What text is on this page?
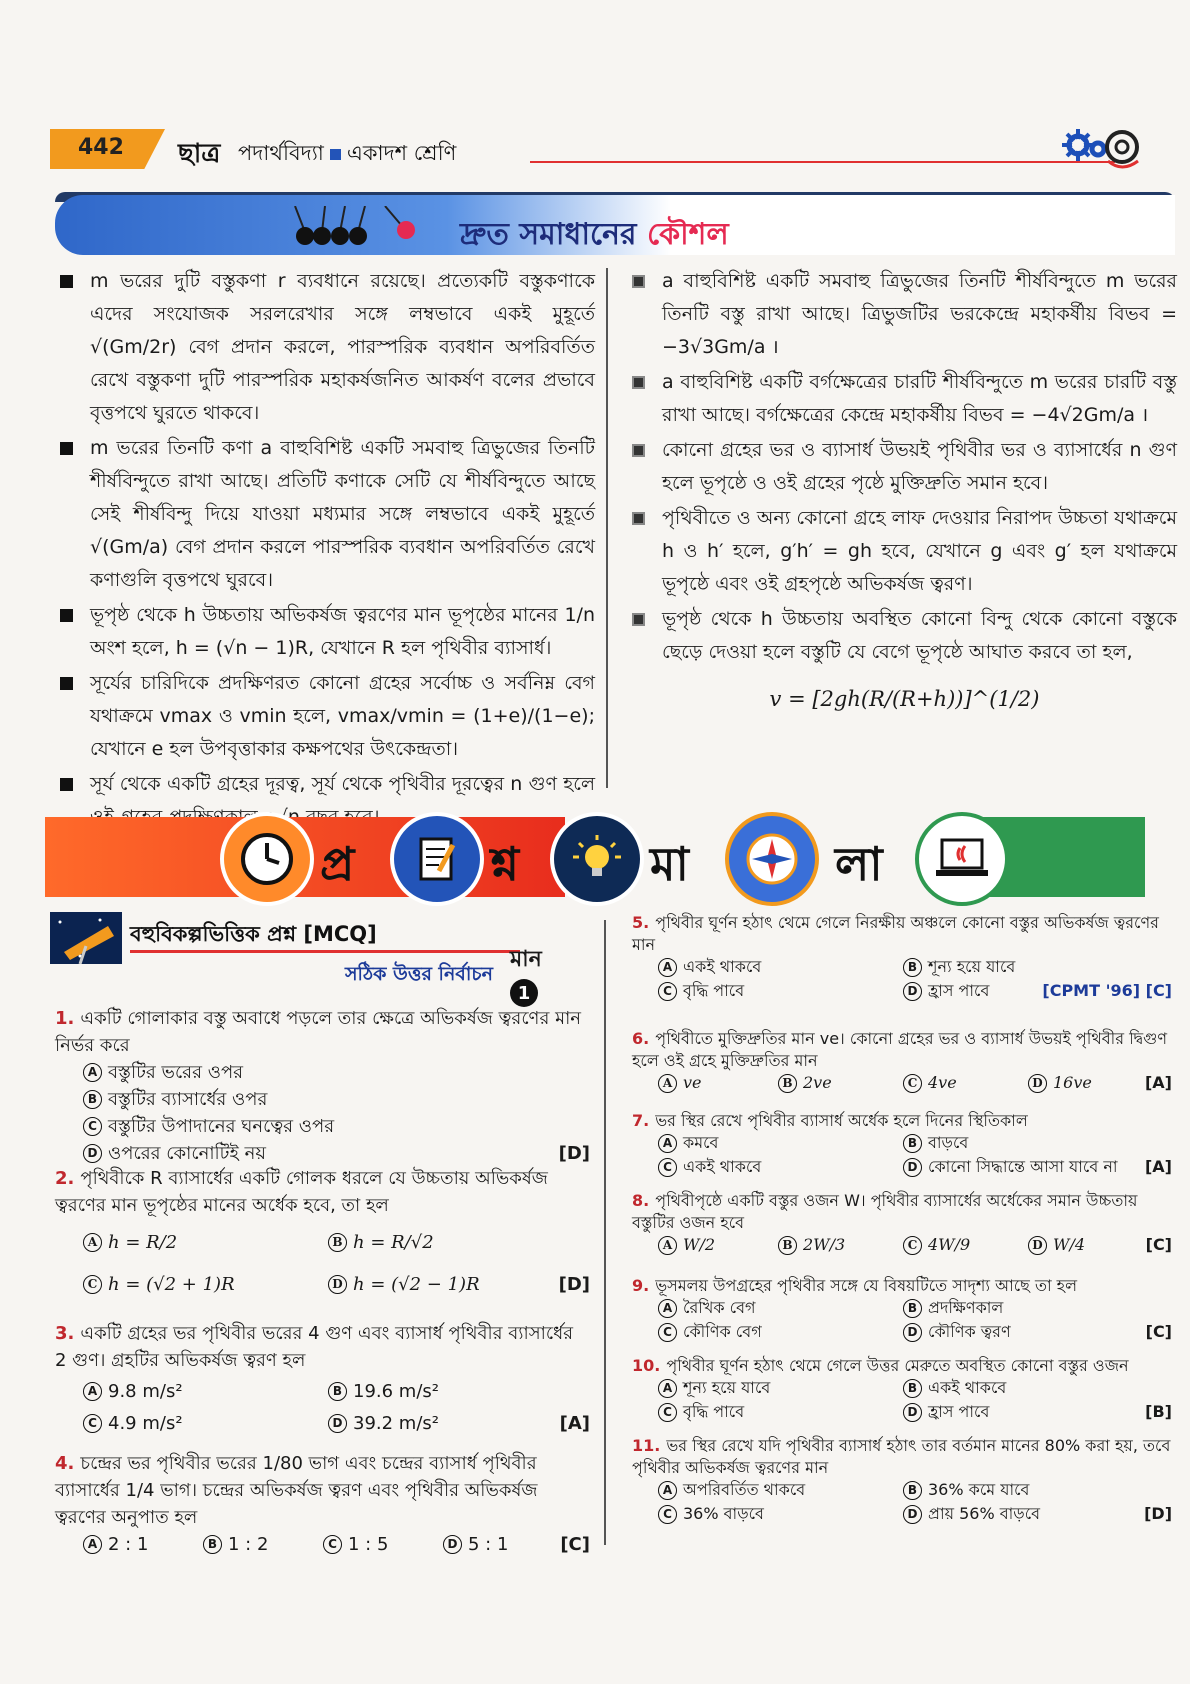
442 ছাত্র পদার্থবিদ্যা একাদশ শ্রেণি
দ্রুত সমাধানের কৌশল
m ভরের দুটি বস্তুকণা r ব্যবধানে রয়েছে। প্রত্যেকটি বস্তুকণাকে এদের সংযোজক সরলরেখার সঙ্গে লম্বভাবে একই মুহূর্তে √(Gm/2r) বেগ প্রদান করলে, পারস্পরিক ব্যবধান অপরিবর্তিত রেখে বস্তুকণা দুটি পারস্পরিক মহাকর্ষজনিত আকর্ষণ বলের প্রভাবে বৃত্তপথে ঘুরতে থাকবে।
m ভরের তিনটি কণা a বাহুবিশিষ্ট একটি সমবাহু ত্রিভুজের তিনটি শীর্ষবিন্দুতে রাখা আছে। প্রতিটি কণাকে সেটি যে শীর্ষবিন্দুতে আছে সেই শীর্ষবিন্দু দিয়ে যাওয়া মধ্যমার সঙ্গে লম্বভাবে একই মুহূর্তে √(Gm/a) বেগ প্রদান করলে পারস্পরিক ব্যবধান অপরিবর্তিত রেখে কণাগুলি বৃত্তপথে ঘুরবে।
ভূপৃষ্ঠ থেকে h উচ্চতায় অভিকর্ষজ ত্বরণের মান ভূপৃষ্ঠের মানের 1/n অংশ হলে, h = (√n − 1)R, যেখানে R হল পৃথিবীর ব্যাসার্ধ।
সূর্যের চারিদিকে প্রদক্ষিণরত কোনো গ্রহের সর্বোচ্চ ও সর্বনিম্ন বেগ যথাক্রমে vmax ও vmin হলে, vmax/vmin = (1+e)/(1−e); যেখানে e হল উপবৃত্তাকার কক্ষপথের উৎকেন্দ্রতা।
সূর্য থেকে একটি গ্রহের দূরত্ব, সূর্য থেকে পৃথিবীর দূরত্বের n গুণ হলে
a বাহুবিশিষ্ট একটি সমবাহু ত্রিভুজের তিনটি শীর্ষবিন্দুতে m ভরের তিনটি বস্তু রাখা আছে। ত্রিভুজটির ভরকেন্দ্রে মহাকর্ষীয় বিভব = −3√3Gm/a ।
a বাহুবিশিষ্ট একটি বর্গক্ষেত্রের চারটি শীর্ষবিন্দুতে m ভরের চারটি বস্তু রাখা আছে। বর্গক্ষেত্রের কেন্দ্রে মহাকর্ষীয় বিভব = −4√2Gm/a ।
কোনো গ্রহের ভর ও ব্যাসার্ধ উভয়ই পৃথিবীর ভর ও ব্যাসার্ধের n গুণ হলে ভূপৃষ্ঠে ও ওই গ্রহের পৃষ্ঠে মুক্তিদ্রুতি সমান হবে।
পৃথিবীতে ও অন্য কোনো গ্রহে লাফ দেওয়ার নিরাপদ উচ্চতা যথাক্রমে h ও h′ হলে, g′h′ = gh হবে, যেখানে g এবং g′ হল যথাক্রমে ভূপৃষ্ঠে এবং ওই গ্রহপৃষ্ঠে অভিকর্ষজ ত্বরণ।
ভূপৃষ্ঠ থেকে h উচ্চতায় অবস্থিত কোনো বিন্দু থেকে কোনো বস্তুকে ছেড়ে দেওয়া হলে বস্তুটি যে বেগে ভূপৃষ্ঠে আঘাত করবে তা হল,
v = [2gh(R/(R+h))]^(1/2)
প্র	শ্ন	মা	লা
বহুবিকল্পভিত্তিক প্রশ্ন [MCQ]
মান 1
সঠিক উত্তর নির্বাচন
1. একটি গোলাকার বস্তু অবাধে পড়লে তার ক্ষেত্রে অভিকর্ষজ ত্বরণের মান নির্ভর করে
A বস্তুটির ভরের ওপর
B বস্তুটির ব্যাসার্ধের ওপর
C বস্তুটির উপাদানের ঘনত্বের ওপর
D ওপরের কোনোটিই নয়	[D]
2. পৃথিবীকে R ব্যাসার্ধের একটি গোলক ধরলে যে উচ্চতায় অভিকর্ষজ ত্বরণের মান ভূপৃষ্ঠের মানের অর্ধেক হবে, তা হল
A h = R/2	B h = R/√2
C h = (√2 + 1)R	D h = (√2 − 1)R	[D]
3. একটি গ্রহের ভর পৃথিবীর ভরের 4 গুণ এবং ব্যাসার্ধ পৃথিবীর ব্যাসার্ধের 2 গুণ। গ্রহটির অভিকর্ষজ ত্বরণ হল
A 9.8 m/s²	B 19.6 m/s²
C 4.9 m/s²	D 39.2 m/s²	[A]
4. চন্দ্রের ভর পৃথিবীর ভরের 1/80 ভাগ এবং চন্দ্রের ব্যাসার্ধ পৃথিবীর ব্যাসার্ধের 1/4 ভাগ। চন্দ্রের অভিকর্ষজ ত্বরণ এবং পৃথিবীর অভিকর্ষজ ত্বরণের অনুপাত হল
A 2 : 1	B 1 : 2	C 1 : 5	D 5 : 1	[C]
5. পৃথিবীর ঘূর্ণন হঠাৎ থেমে গেলে নিরক্ষীয় অঞ্চলে কোনো বস্তুর অভিকর্ষজ ত্বরণের মান
A একই থাকবে	B শূন্য হয়ে যাবে
C বৃদ্ধি পাবে	D হ্রাস পাবে	[CPMT '96] [C]
6. পৃথিবীতে মুক্তিদ্রুতির মান ve। কোনো গ্রহের ভর ও ব্যাসার্ধ উভয়ই পৃথিবীর দ্বিগুণ হলে ওই গ্রহে মুক্তিদ্রুতির মান
A ve	B 2ve	C 4ve	D 16ve	[A]
7. ভর স্থির রেখে পৃথিবীর ব্যাসার্ধ অর্ধেক হলে দিনের স্থিতিকাল
A কমবে	B বাড়বে
C একই থাকবে	D কোনো সিদ্ধান্তে আসা যাবে না [A]
8. পৃথিবীপৃষ্ঠে একটি বস্তুর ওজন W। পৃথিবীর ব্যাসার্ধের অর্ধেকের সমান উচ্চতায় বস্তুটির ওজন হবে
A W/2	B 2W/3	C 4W/9	D W/4	[C]
9. ভূসমলয় উপগ্রহের পৃথিবীর সঙ্গে যে বিষয়টিতে সাদৃশ্য আছে তা হল
A রৈখিক বেগ	B প্রদক্ষিণকাল
C কৌণিক বেগ	D কৌণিক ত্বরণ	[C]
10. পৃথিবীর ঘূর্ণন হঠাৎ থেমে গেলে উত্তর মেরুতে অবস্থিত কোনো বস্তুর ওজন
A শূন্য হয়ে যাবে	B একই থাকবে
C বৃদ্ধি পাবে	D হ্রাস পাবে	[B]
11. ভর স্থির রেখে যদি পৃথিবীর ব্যাসার্ধ হঠাৎ তার বর্তমান মানের 80% করা হয়, তবে পৃথিবীর অভিকর্ষজ ত্বরণের মান
A অপরিবর্তিত থাকবে	B 36% কমে যাবে
C 36% বাড়বে	D প্রায় 56% বাড়বে	[D]
